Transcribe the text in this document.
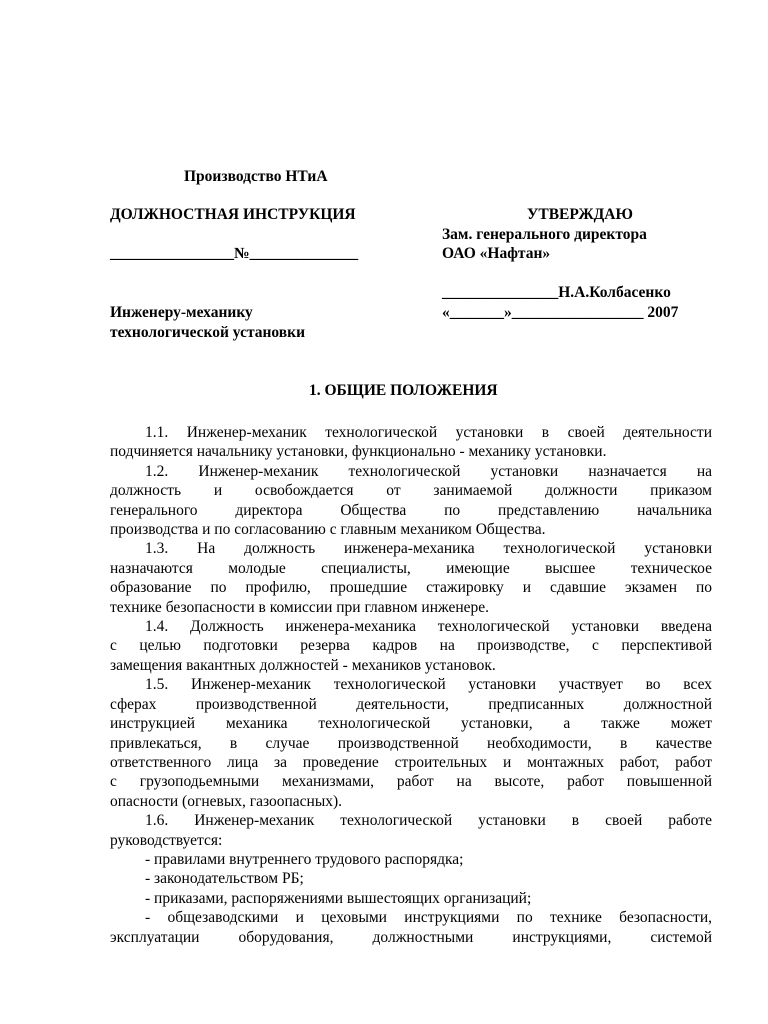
Производство НТиА
ДОЛЖНОСТНАЯ ИНСТРУКЦИЯ
________________№______________
Инженеру-механику
технологической установки
УТВЕРЖДАЮ
Зам. генерального директора
ОАО «Нафтан»
_______________Н.А.Колбасенко
«_______»_________________ 2007
1. ОБЩИЕ ПОЛОЖЕНИЯ

1.1. Инженер-механик технологической установки в своей деятельности

подчиняется начальнику установки, функционально - механику установки.

1.2. Инженер-механик технологической установки назначается на

должность и освобождается от занимаемой должности приказом

генерального директора Общества по представлению начальника

производства и по согласованию с главным механиком Общества.

1.3. На должность инженера-механика технологической установки

назначаются молодые специалисты, имеющие высшее техническое

образование по профилю, прошедшие стажировку и сдавшие экзамен по

технике безопасности в комиссии при главном инженере.

1.4. Должность инженера-механика технологической установки введена

с целью подготовки резерва кадров на производстве, с перспективой

замещения вакантных должностей - механиков установок.

1.5. Инженер-механик технологической установки участвует во всех

сферах производственной деятельности, предписанных должностной

инструкцией механика технологической установки, а также может

привлекаться, в случае производственной необходимости, в качестве

ответственного лица за проведение строительных и монтажных работ, работ

с грузоподьемными механизмами, работ на высоте, работ повышенной

опасности (огневых, газоопасных).

1.6. Инженер-механик технологической установки в своей работе

руководствуется:

- правилами внутреннего трудового распорядка;

- законодательством РБ;

- приказами, распоряжениями вышестоящих организаций;

- общезаводскими и цеховыми инструкциями по технике безопасности,

эксплуатации оборудования, должностными инструкциями, системой
